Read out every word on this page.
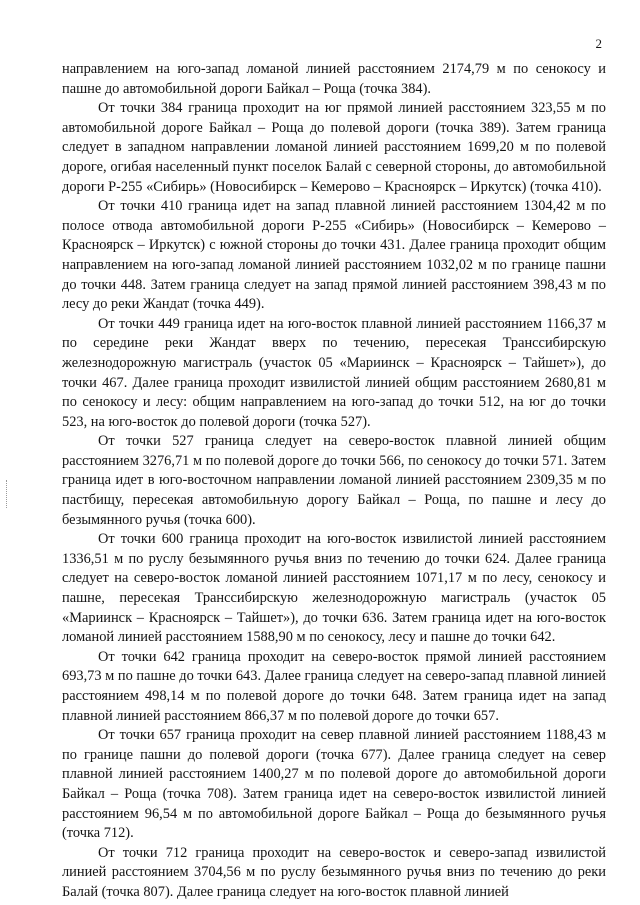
2

направлением на юго-запад ломаной линией расстоянием 2174,79 м по сенокосу и пашне до автомобильной дороги Байкал – Роща (точка 384).

От точки 384 граница проходит на юг прямой линией расстоянием 323,55 м по автомобильной дороге Байкал – Роща до полевой дороги (точка 389). Затем граница следует в западном направлении ломаной линией расстоянием 1699,20 м по полевой дороге, огибая населенный пункт поселок Балай с северной стороны, до автомобильной дороги Р-255 «Сибирь» (Новосибирск – Кемерово – Красноярск – Иркутск) (точка 410).

От точки 410 граница идет на запад плавной линией расстоянием 1304,42 м по полосе отвода автомобильной дороги Р-255 «Сибирь» (Новосибирск – Кемерово – Красноярск – Иркутск) с южной стороны до точки 431. Далее граница проходит общим направлением на юго-запад ломаной линией расстоянием 1032,02 м по границе пашни до точки 448. Затем граница следует на запад прямой линией расстоянием 398,43 м по лесу до реки Жандат (точка 449).

От точки 449 граница идет на юго-восток плавной линией расстоянием 1166,37 м по середине реки Жандат вверх по течению, пересекая Транссибирскую железнодорожную магистраль (участок 05 «Мариинск – Красноярск – Тайшет»), до точки 467. Далее граница проходит извилистой линией общим расстоянием 2680,81 м по сенокосу и лесу: общим направлением на юго-запад до точки 512, на юг до точки 523, на юго-восток до полевой дороги (точка 527).

От точки 527 граница следует на северо-восток плавной линией общим расстоянием 3276,71 м по полевой дороге до точки 566, по сенокосу до точки 571. Затем граница идет в юго-восточном направлении ломаной линией расстоянием 2309,35 м по пастбищу, пересекая автомобильную дорогу Байкал – Роща, по пашне и лесу до безымянного ручья (точка 600).

От точки 600 граница проходит на юго-восток извилистой линией расстоянием 1336,51 м по руслу безымянного ручья вниз по течению до точки 624. Далее граница следует на северо-восток ломаной линией расстоянием 1071,17 м по лесу, сенокосу и пашне, пересекая Транссибирскую железнодорожную магистраль (участок 05 «Мариинск – Красноярск – Тайшет»), до точки 636. Затем граница идет на юго-восток ломаной линией расстоянием 1588,90 м по сенокосу, лесу и пашне до точки 642.

От точки 642 граница проходит на северо-восток прямой линией расстоянием 693,73 м по пашне до точки 643. Далее граница следует на северо-запад плавной линией расстоянием 498,14 м по полевой дороге до точки 648. Затем граница идет на запад плавной линией расстоянием 866,37 м по полевой дороге до точки 657.

От точки 657 граница проходит на север плавной линией расстоянием 1188,43 м по границе пашни до полевой дороги (точка 677). Далее граница следует на север плавной линией расстоянием 1400,27 м по полевой дороге до автомобильной дороги Байкал – Роща (точка 708). Затем граница идет на северо-восток извилистой линией расстоянием 96,54 м по автомобильной дороге Байкал – Роща до безымянного ручья (точка 712).

От точки 712 граница проходит на северо-восток и северо-запад извилистой линией расстоянием 3704,56 м по руслу безымянного ручья вниз по течению до реки Балай (точка 807). Далее граница следует на юго-восток плавной линией
